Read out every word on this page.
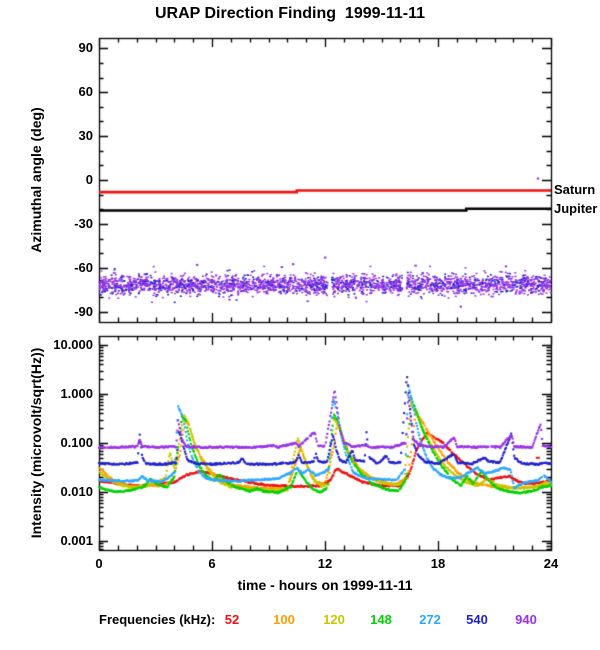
URAP Direction Finding  1999-11-11
Azimuthal angle (deg)
Intensity (microvolt/sqrt(Hz))
Saturn
Jupiter
90
60
30
0
-30
-60
-90
10.000
1.000
0.100
0.010
0.001
0	6	12	18	24
time - hours on 1999-11-11
Frequencies (kHz): 52	100 120 148 272 540 940
